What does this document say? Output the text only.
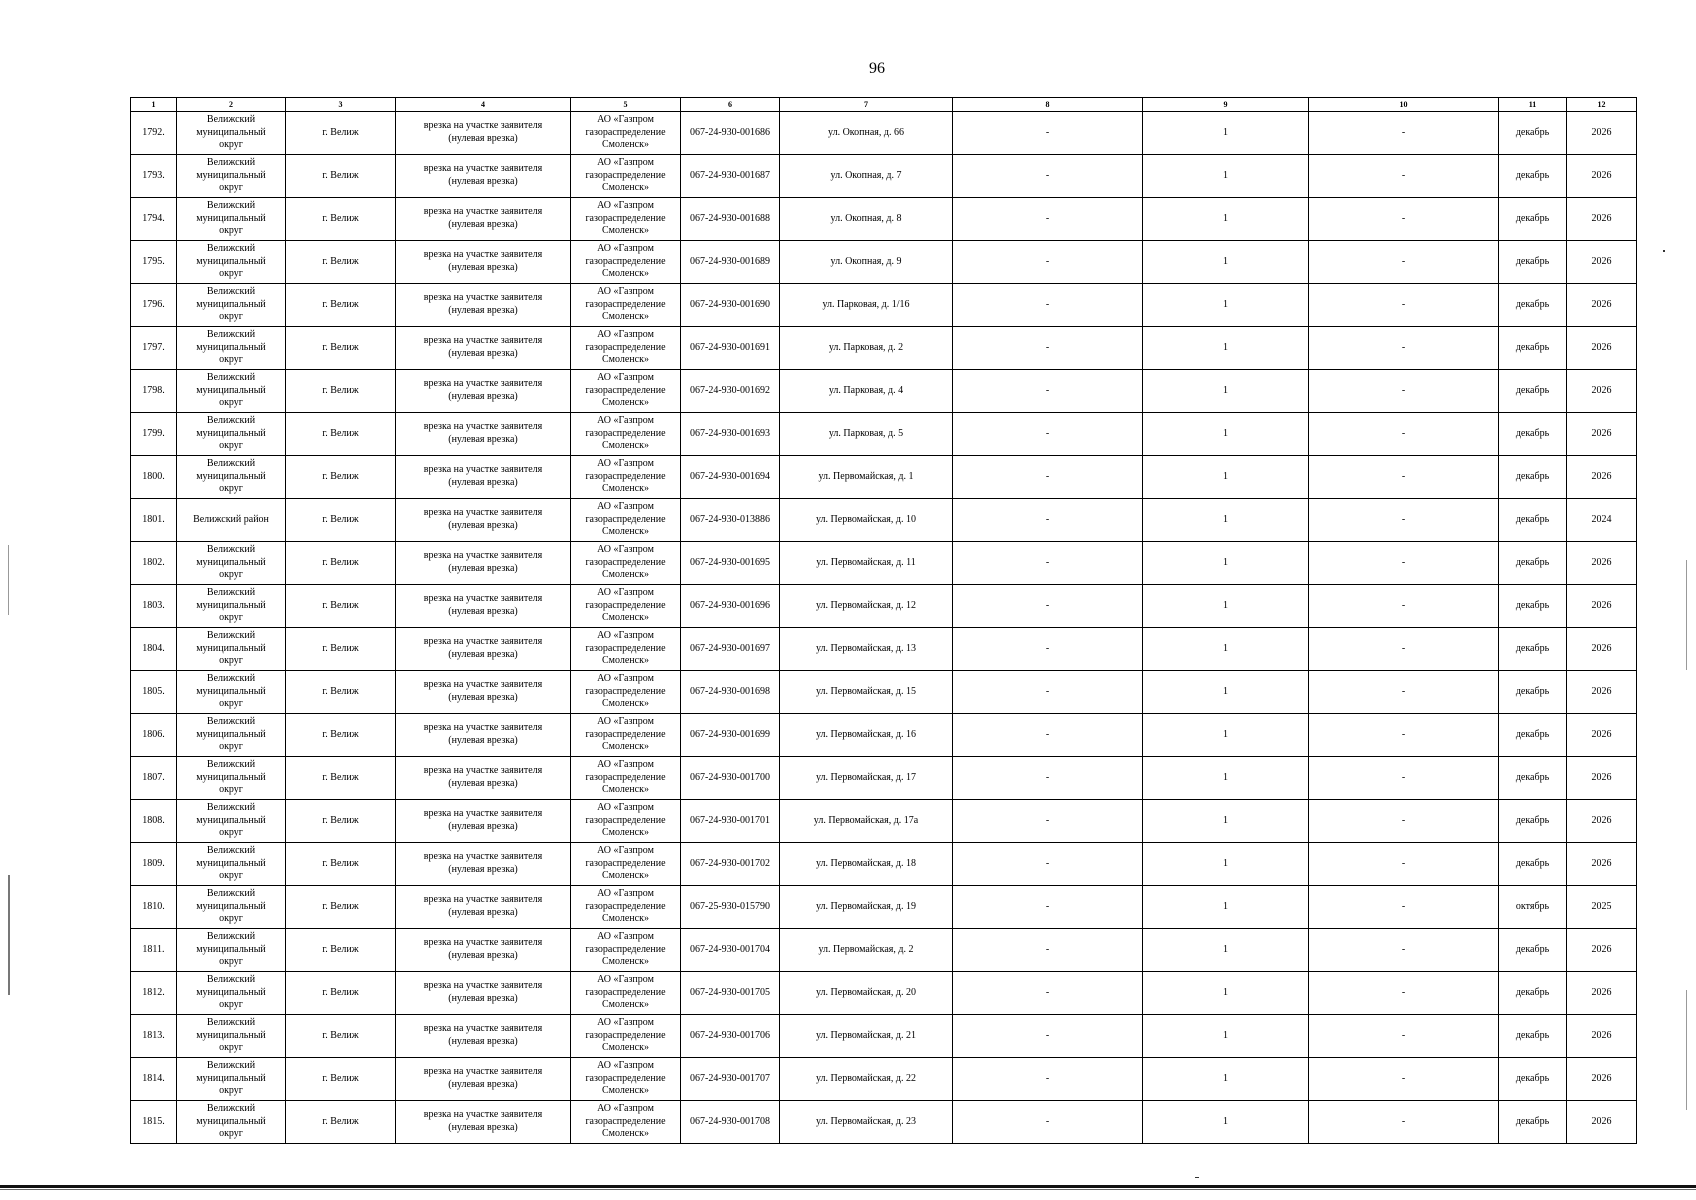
96
1	2	3	4	5	6	7	8	9	10	11	12

1792.	Велижский
муниципальный
округ	г. Велиж	врезка на участке заявителя
(нулевая врезка)	АО «Газпром
газораспределение
Смоленск»	067-24-930-001686	ул. Окопная, д. 66	-	1	-	декабрь	2026

1793.	Велижский
муниципальный
округ	г. Велиж	врезка на участке заявителя
(нулевая врезка)	АО «Газпром
газораспределение
Смоленск»	067-24-930-001687	ул. Окопная, д. 7	-	1	-	декабрь	2026

1794.	Велижский
муниципальный
округ	г. Велиж	врезка на участке заявителя
(нулевая врезка)	АО «Газпром
газораспределение
Смоленск»	067-24-930-001688	ул. Окопная, д. 8	-	1	-	декабрь	2026

1795.	Велижский
муниципальный
округ	г. Велиж	врезка на участке заявителя
(нулевая врезка)	АО «Газпром
газораспределение
Смоленск»	067-24-930-001689	ул. Окопная, д. 9	-	1	-	декабрь	2026

1796.	Велижский
муниципальный
округ	г. Велиж	врезка на участке заявителя
(нулевая врезка)	АО «Газпром
газораспределение
Смоленск»	067-24-930-001690	ул. Парковая, д. 1/16	-	1	-	декабрь	2026

1797.	Велижский
муниципальный
округ	г. Велиж	врезка на участке заявителя
(нулевая врезка)	АО «Газпром
газораспределение
Смоленск»	067-24-930-001691	ул. Парковая, д. 2	-	1	-	декабрь	2026

1798.	Велижский
муниципальный
округ	г. Велиж	врезка на участке заявителя
(нулевая врезка)	АО «Газпром
газораспределение
Смоленск»	067-24-930-001692	ул. Парковая, д. 4	-	1	-	декабрь	2026

1799.	Велижский
муниципальный
округ	г. Велиж	врезка на участке заявителя
(нулевая врезка)	АО «Газпром
газораспределение
Смоленск»	067-24-930-001693	ул. Парковая, д. 5	-	1	-	декабрь	2026

1800.	Велижский
муниципальный
округ	г. Велиж	врезка на участке заявителя
(нулевая врезка)	АО «Газпром
газораспределение
Смоленск»	067-24-930-001694	ул. Первомайская, д. 1	-	1	-	декабрь	2026

1801.	Велижский район	г. Велиж	врезка на участке заявителя
(нулевая врезка)	АО «Газпром
газораспределение
Смоленск»	067-24-930-013886	ул. Первомайская, д. 10	-	1	-	декабрь	2024

1802.	Велижский
муниципальный
округ	г. Велиж	врезка на участке заявителя
(нулевая врезка)	АО «Газпром
газораспределение
Смоленск»	067-24-930-001695	ул. Первомайская, д. 11	-	1	-	декабрь	2026

1803.	Велижский
муниципальный
округ	г. Велиж	врезка на участке заявителя
(нулевая врезка)	АО «Газпром
газораспределение
Смоленск»	067-24-930-001696	ул. Первомайская, д. 12	-	1	-	декабрь	2026

1804.	Велижский
муниципальный
округ	г. Велиж	врезка на участке заявителя
(нулевая врезка)	АО «Газпром
газораспределение
Смоленск»	067-24-930-001697	ул. Первомайская, д. 13	-	1	-	декабрь	2026

1805.	Велижский
муниципальный
округ	г. Велиж	врезка на участке заявителя
(нулевая врезка)	АО «Газпром
газораспределение
Смоленск»	067-24-930-001698	ул. Первомайская, д. 15	-	1	-	декабрь	2026

1806.	Велижский
муниципальный
округ	г. Велиж	врезка на участке заявителя
(нулевая врезка)	АО «Газпром
газораспределение
Смоленск»	067-24-930-001699	ул. Первомайская, д. 16	-	1	-	декабрь	2026

1807.	Велижский
муниципальный
округ	г. Велиж	врезка на участке заявителя
(нулевая врезка)	АО «Газпром
газораспределение
Смоленск»	067-24-930-001700	ул. Первомайская, д. 17	-	1	-	декабрь	2026

1808.	Велижский
муниципальный
округ	г. Велиж	врезка на участке заявителя
(нулевая врезка)	АО «Газпром
газораспределение
Смоленск»	067-24-930-001701	ул. Первомайская, д. 17а	-	1	-	декабрь	2026

1809.	Велижский
муниципальный
округ	г. Велиж	врезка на участке заявителя
(нулевая врезка)	АО «Газпром
газораспределение
Смоленск»	067-24-930-001702	ул. Первомайская, д. 18	-	1	-	декабрь	2026

1810.	Велижский
муниципальный
округ	г. Велиж	врезка на участке заявителя
(нулевая врезка)	АО «Газпром
газораспределение
Смоленск»	067-25-930-015790	ул. Первомайская, д. 19	-	1	-	октябрь	2025

1811.	Велижский
муниципальный
округ	г. Велиж	врезка на участке заявителя
(нулевая врезка)	АО «Газпром
газораспределение
Смоленск»	067-24-930-001704	ул. Первомайская, д. 2	-	1	-	декабрь	2026

1812.	Велижский
муниципальный
округ	г. Велиж	врезка на участке заявителя
(нулевая врезка)	АО «Газпром
газораспределение
Смоленск»	067-24-930-001705	ул. Первомайская, д. 20	-	1	-	декабрь	2026

1813.	Велижский
муниципальный
округ	г. Велиж	врезка на участке заявителя
(нулевая врезка)	АО «Газпром
газораспределение
Смоленск»	067-24-930-001706	ул. Первомайская, д. 21	-	1	-	декабрь	2026

1814.	Велижский
муниципальный
округ	г. Велиж	врезка на участке заявителя
(нулевая врезка)	АО «Газпром
газораспределение
Смоленск»	067-24-930-001707	ул. Первомайская, д. 22	-	1	-	декабрь	2026

1815.	Велижский
муниципальный
округ	г. Велиж	врезка на участке заявителя
(нулевая врезка)	АО «Газпром
газораспределение
Смоленск»	067-24-930-001708	ул. Первомайская, д. 23	-	1	-	декабрь	2026
